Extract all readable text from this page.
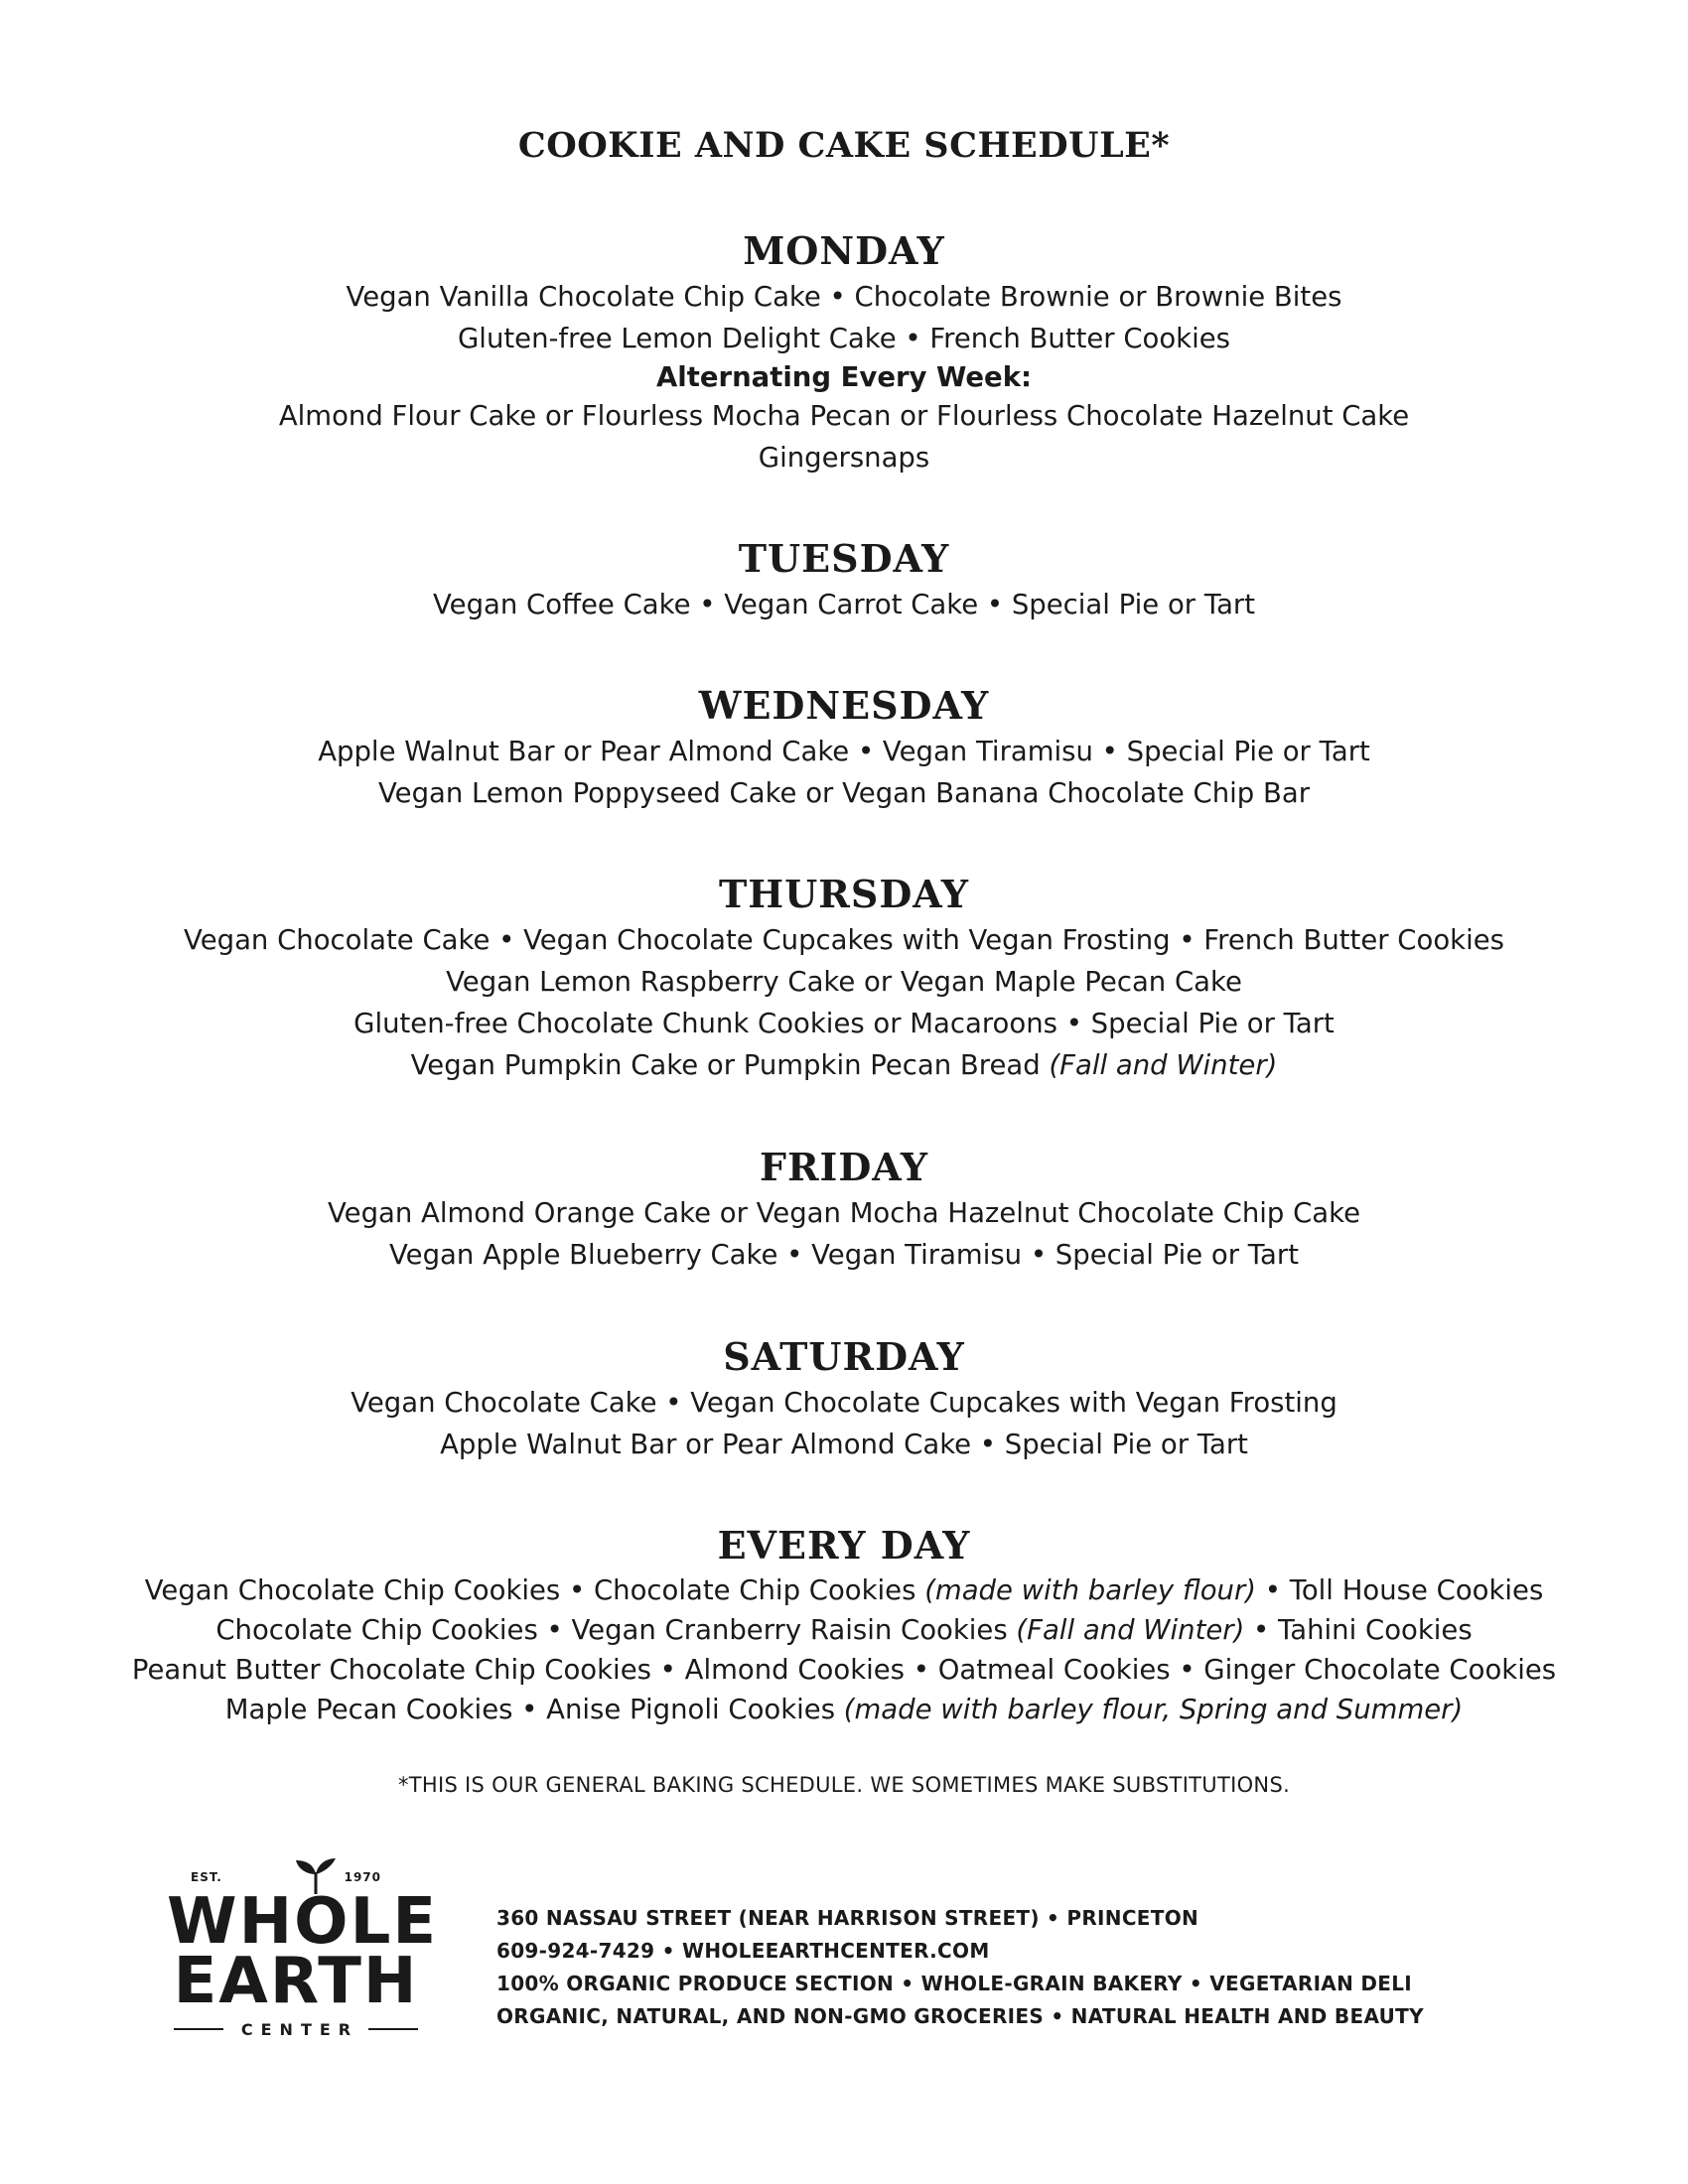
COOKIE AND CAKE SCHEDULE*
MONDAY
Vegan Vanilla Chocolate Chip Cake • Chocolate Brownie or Brownie Bites
Gluten-free Lemon Delight Cake • French Butter Cookies
Alternating Every Week:
Almond Flour Cake or Flourless Mocha Pecan or Flourless Chocolate Hazelnut Cake
Gingersnaps
TUESDAY
Vegan Coffee Cake • Vegan Carrot Cake • Special Pie or Tart
WEDNESDAY
Apple Walnut Bar or Pear Almond Cake • Vegan Tiramisu • Special Pie or Tart
Vegan Lemon Poppyseed Cake or Vegan Banana Chocolate Chip Bar
THURSDAY
Vegan Chocolate Cake • Vegan Chocolate Cupcakes with Vegan Frosting • French Butter Cookies
Vegan Lemon Raspberry Cake or Vegan Maple Pecan Cake
Gluten-free Chocolate Chunk Cookies or Macaroons • Special Pie or Tart
Vegan Pumpkin Cake or Pumpkin Pecan Bread (Fall and Winter)
FRIDAY
Vegan Almond Orange Cake or Vegan Mocha Hazelnut Chocolate Chip Cake
Vegan Apple Blueberry Cake • Vegan Tiramisu • Special Pie or Tart
SATURDAY
Vegan Chocolate Cake • Vegan Chocolate Cupcakes with Vegan Frosting
Apple Walnut Bar or Pear Almond Cake • Special Pie or Tart
EVERY DAY
Vegan Chocolate Chip Cookies • Chocolate Chip Cookies (made with barley flour) • Toll House Cookies
Chocolate Chip Cookies • Vegan Cranberry Raisin Cookies (Fall and Winter) • Tahini Cookies
Peanut Butter Chocolate Chip Cookies • Almond Cookies • Oatmeal Cookies • Ginger Chocolate Cookies
Maple Pecan Cookies • Anise Pignoli Cookies (made with barley flour, Spring and Summer)
*THIS IS OUR GENERAL BAKING SCHEDULE. WE SOMETIMES MAKE SUBSTITUTIONS.
EST.	1970
WHOLE
EARTH
CENTER
360 NASSAU STREET (NEAR HARRISON STREET) • PRINCETON
609-924-7429 • WHOLEEARTHCENTER.COM
100% ORGANIC PRODUCE SECTION • WHOLE-GRAIN BAKERY • VEGETARIAN DELI
ORGANIC, NATURAL, AND NON-GMO GROCERIES • NATURAL HEALTH AND BEAUTY
